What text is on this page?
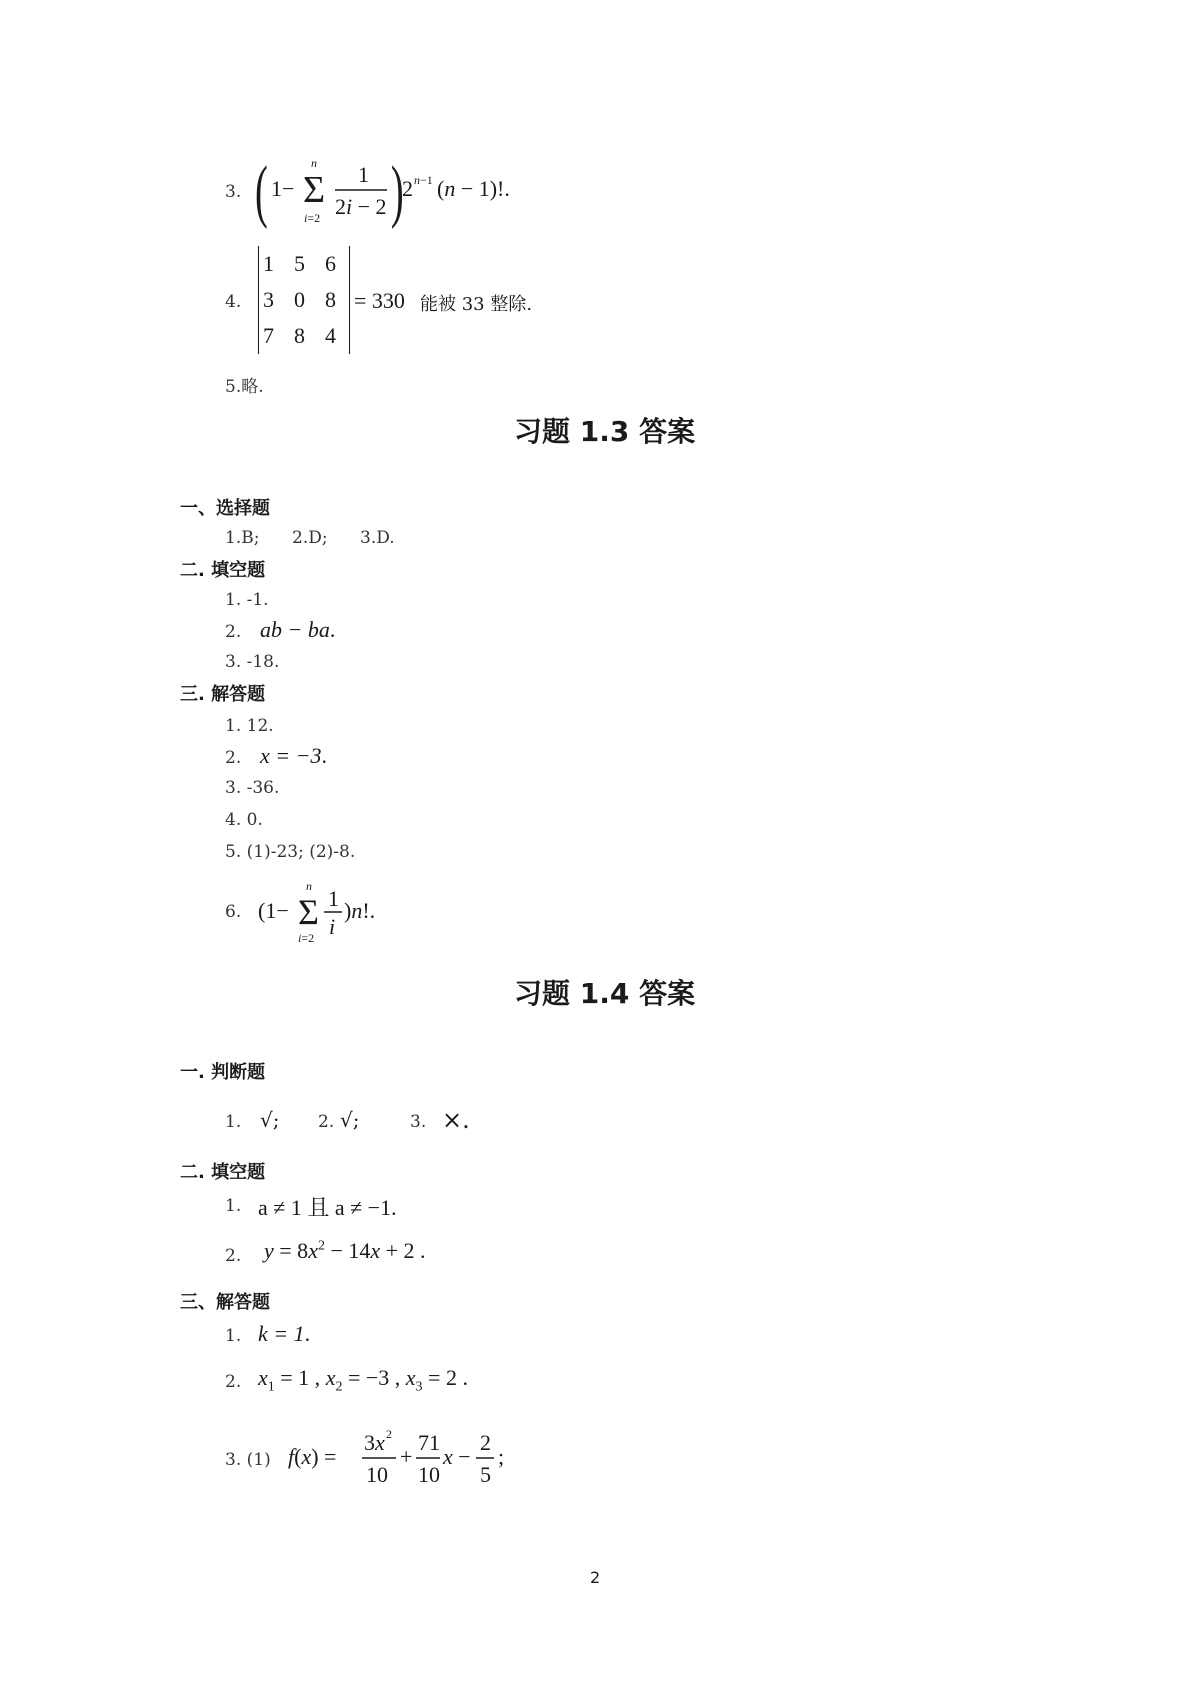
3. ( 1− Σ
n
i=2
1
2i − 2 )
2 n−1 (n − 1)!.
4.
1 5 6
3 0 8
7 8 4
= 330 能被 33 整除.
5.略.
习题 1.3 答案
一、选择题
1.B; 2.D; 3.D.
二. 填空题
1. -1.
2. ab − ba.
3. -18.
三. 解答题
1. 12.
2. x = −3.
3. -36.
4. 0.
5. (1)-23; (2)-8.
6. (1− Σ
n
i=2
1
i
)n!.
习题 1.4 答案
一. 判断题
1. √; 2. √;	3. ×.
二. 填空题
1. a ≠ 1 且 a ≠ −1.
2. $y = 8x^2 - 14x + 2$ .
三、解答题
1. k = 1.
2. $x_1 = 1$ , $x_2 = -3$ , $x_3 = 2$ .
3. (1) f(x) =
3x 2
10
+
71
10
x −
2
5
;
2
